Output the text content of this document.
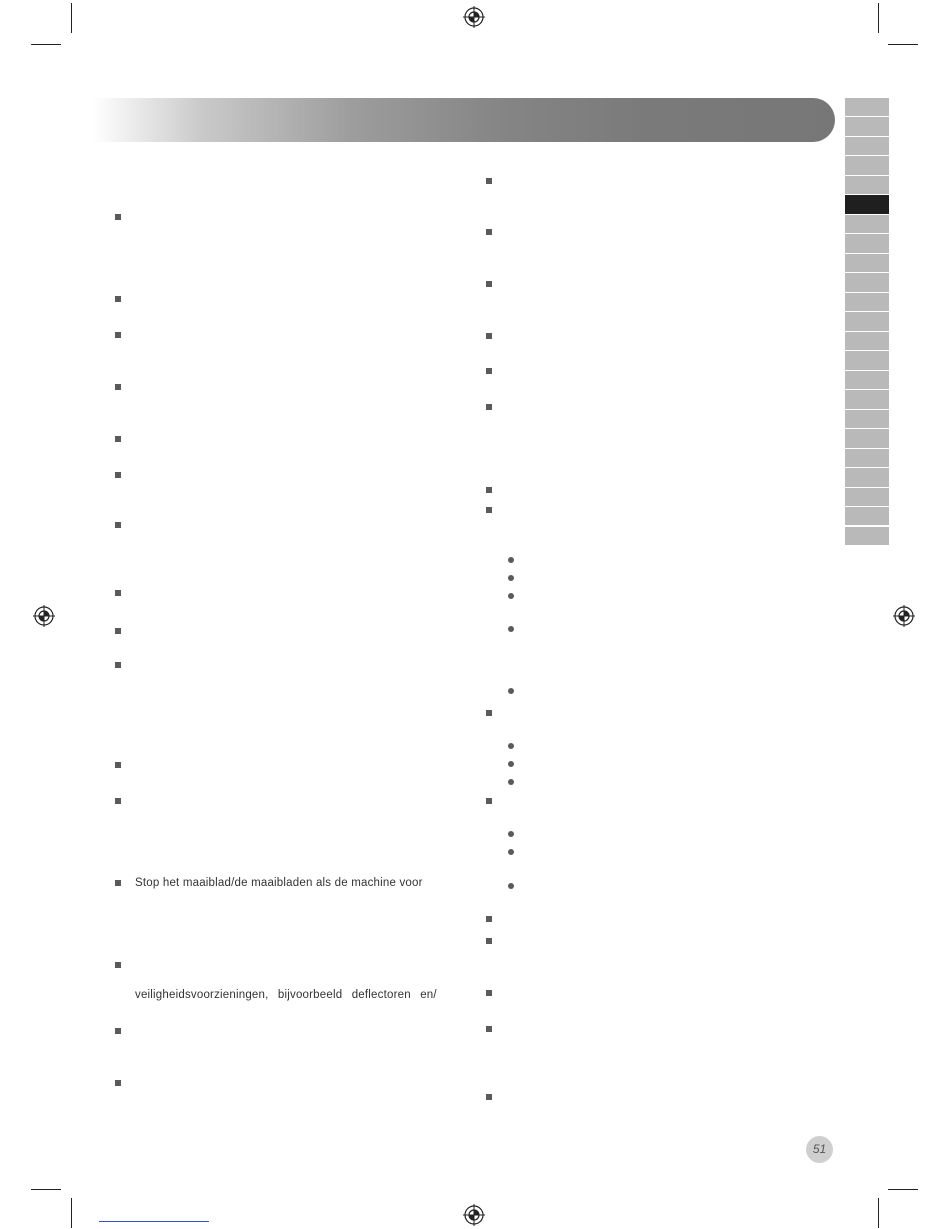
Stop het maaiblad/de maaibladen als de machine voor
veiligheidsvoorzieningen, bijvoorbeeld deflectoren en/
51
